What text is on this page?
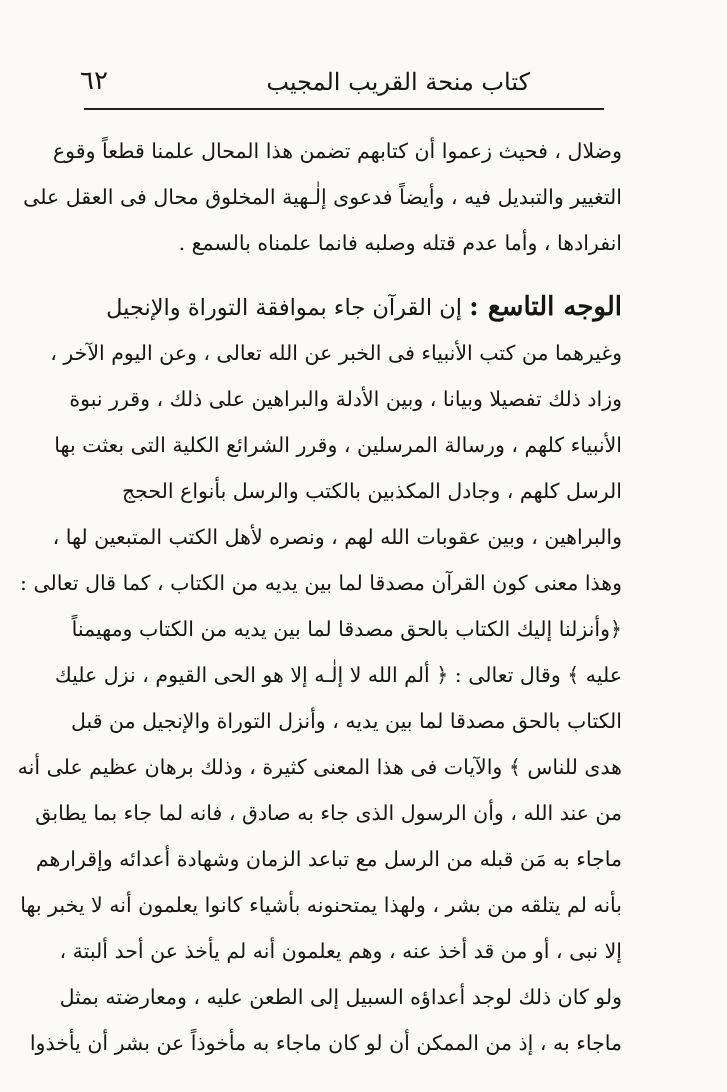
٦٢	كتاب منحة القريب المجيب
وضلال ، فحيث زعموا أن كتابهم تضمن هذا المحال علمنا قطعاً وقوع
التغيير والتبديل فيه ، وأيضاً فدعوى إلٰـهية المخلوق محال فى العقل على
انفرادها ، وأما عدم قتله وصلبه فانما علمناه بالسمع .
الوجه التاسع : إن القرآن جاء بموافقة التوراة والإنجيل
وغيرهما من كتب الأنبياء فى الخبر عن الله تعالى ، وعن اليوم الآخر ،
وزاد ذلك تفصيلا وبيانا ، وبين الأدلة والبراهين على ذلك ، وقرر نبوة
الأنبياء كلهم ، ورسالة المرسلين ، وقرر الشرائع الكلية التى بعثت بها
الرسل كلهم ، وجادل المكذبين بالكتب والرسل بأنواع الحجج
والبراهين ، وبين عقوبات الله لهم ، ونصره لأهل الكتب المتبعين لها ،
وهذا معنى كون القرآن مصدقا لما بين يديه من الكتاب ، كما قال تعالى :
﴿وأنزلنا إليك الكتاب بالحق مصدقا لما بين يديه من الكتاب ومهيمناً
عليه ﴾ وقال تعالى : ﴿ ألم الله لا إلٰـه إلا هو الحى القيوم ، نزل عليك
الكتاب بالحق مصدقا لما بين يديه ، وأنزل التوراة والإنجيل من قبل
هدى للناس ﴾ والآيات فى هذا المعنى كثيرة ، وذلك برهان عظيم على أنه
من عند الله ، وأن الرسول الذى جاء به صادق ، فانه لما جاء بما يطابق
ماجاء به مَن قبله من الرسل مع تباعد الزمان وشهادة أعدائه وإقرارهم
بأنه لم يتلقه من بشر ، ولهذا يمتحنونه بأشياء كانوا يعلمون أنه لا يخبر بها
إلا نبى ، أو من قد أخذ عنه ، وهم يعلمون أنه لم يأخذ عن أحد ألبتة ،
ولو كان ذلك لوجد أعداؤه السبيل إلى الطعن عليه ، ومعارضته بمثل
ماجاء به ، إذ من الممكن أن لو كان ماجاء به مأخوذاً عن بشر أن يأخذوا
